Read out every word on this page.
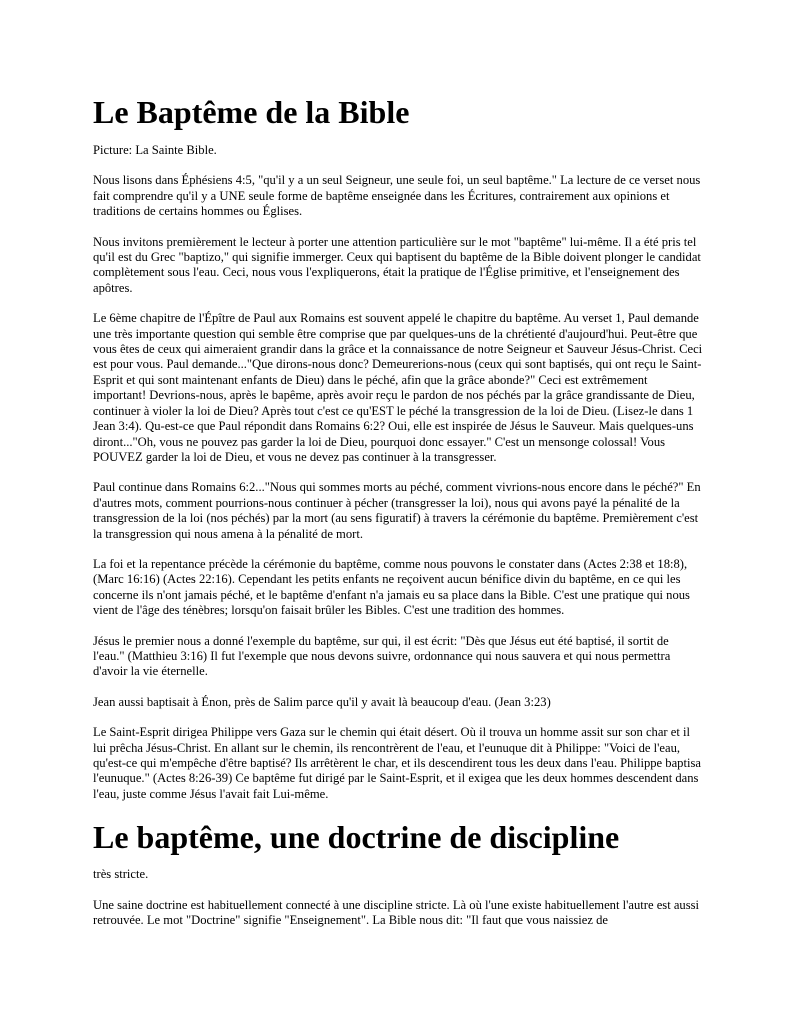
Le Baptême de la Bible

Picture: La Sainte Bible.

Nous lisons dans Éphésiens 4:5, "qu'il y a un seul Seigneur, une seule foi, un seul baptême." La lecture de ce verset nous fait comprendre qu'il y a UNE seule forme de baptême enseignée dans les Écritures, contrairement aux opinions et traditions de certains hommes ou Églises.

Nous invitons premièrement le lecteur à porter une attention particulière sur le mot "baptême" lui-même. Il a été pris tel qu'il est du Grec "baptizo," qui signifie immerger. Ceux qui baptisent du baptême de la Bible doivent plonger le candidat complètement sous l'eau. Ceci, nous vous l'expliquerons, était la pratique de l'Église primitive, et l'enseignement des apôtres.

Le 6ème chapitre de l'Épître de Paul aux Romains est souvent appelé le chapitre du baptême. Au verset 1, Paul demande une très importante question qui semble être comprise que par quelques-uns de la chrétienté d'aujourd'hui. Peut-être que vous êtes de ceux qui aimeraient grandir dans la grâce et la connaissance de notre Seigneur et Sauveur Jésus-Christ. Ceci est pour vous. Paul demande..."Que dirons-nous donc? Demeurerions-nous (ceux qui sont baptisés, qui ont reçu le Saint-Esprit et qui sont maintenant enfants de Dieu) dans le péché, afin que la grâce abonde?" Ceci est extrêmement important! Devrions-nous, après le bapême, après avoir reçu le pardon de nos péchés par la grâce grandissante de Dieu, continuer à violer la loi de Dieu? Après tout c'est ce qu'EST le péché la transgression de la loi de Dieu. (Lisez-le dans 1 Jean 3:4). Qu-est-ce que Paul répondit dans Romains 6:2? Oui, elle est inspirée de Jésus le Sauveur. Mais quelques-uns diront..."Oh, vous ne pouvez pas garder la loi de Dieu, pourquoi donc essayer." C'est un mensonge colossal! Vous POUVEZ garder la loi de Dieu, et vous ne devez pas continuer à la transgresser.

Paul continue dans Romains 6:2..."Nous qui sommes morts au péché, comment vivrions-nous encore dans le péché?" En d'autres mots, comment pourrions-nous continuer à pécher (transgresser la loi), nous qui avons payé la pénalité de la transgression de la loi (nos péchés) par la mort (au sens figuratif) à travers la cérémonie du baptême. Premièrement c'est la transgression qui nous amena à la pénalité de mort.

La foi et la repentance précède la cérémonie du baptême, comme nous pouvons le constater dans (Actes 2:38 et 18:8), (Marc 16:16) (Actes 22:16). Cependant les petits enfants ne reçoivent aucun bénifice divin du baptême, en ce qui les concerne ils n'ont jamais péché, et le baptême d'enfant n'a jamais eu sa place dans la Bible. C'est une pratique qui nous vient de l'âge des ténèbres; lorsqu'on faisait brûler les Bibles. C'est une tradition des hommes.

Jésus le premier nous a donné l'exemple du baptême, sur qui, il est écrit: "Dès que Jésus eut été baptisé, il sortit de l'eau." (Matthieu 3:16) Il fut l'exemple que nous devons suivre, ordonnance qui nous sauvera et qui nous permettra d'avoir la vie éternelle.

Jean aussi baptisait à Énon, près de Salim parce qu'il y avait là beaucoup d'eau. (Jean 3:23)

Le Saint-Esprit dirigea Philippe vers Gaza sur le chemin qui était désert. Où il trouva un homme assit sur son char et il lui prêcha Jésus-Christ. En allant sur le chemin, ils rencontrèrent de l'eau, et l'eunuque dit à Philippe: "Voici de l'eau, qu'est-ce qui m'empêche d'être baptisé? Ils arrêtèrent le char, et ils descendirent tous les deux dans l'eau. Philippe baptisa l'eunuque." (Actes 8:26-39) Ce baptême fut dirigé par le Saint-Esprit, et il exigea que les deux hommes descendent dans l'eau, juste comme Jésus l'avait fait Lui-même.

Le baptême, une doctrine de discipline

très stricte.

Une saine doctrine est habituellement connecté à une discipline stricte. Là où l'une existe habituellement l'autre est aussi retrouvée. Le mot "Doctrine" signifie "Enseignement". La Bible nous dit: "Il faut que vous naissiez de
